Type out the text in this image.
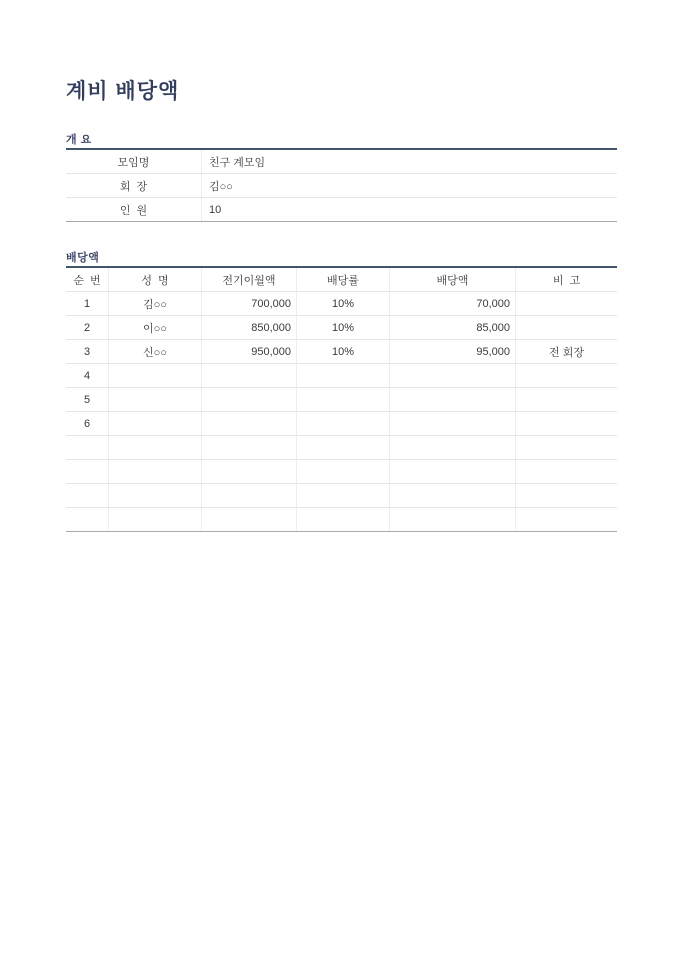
계비 배당액
개 요
모임명	친구 계모임
회  장	김○○
인  원	10
배당액
순  번	성  명	전기이월액	배당률	배당액	비  고
1	김○○	700,000	10%	70,000
2	이○○	850,000	10%	85,000
3	신○○	950,000	10%	95,000	전 회장
4
5
6
